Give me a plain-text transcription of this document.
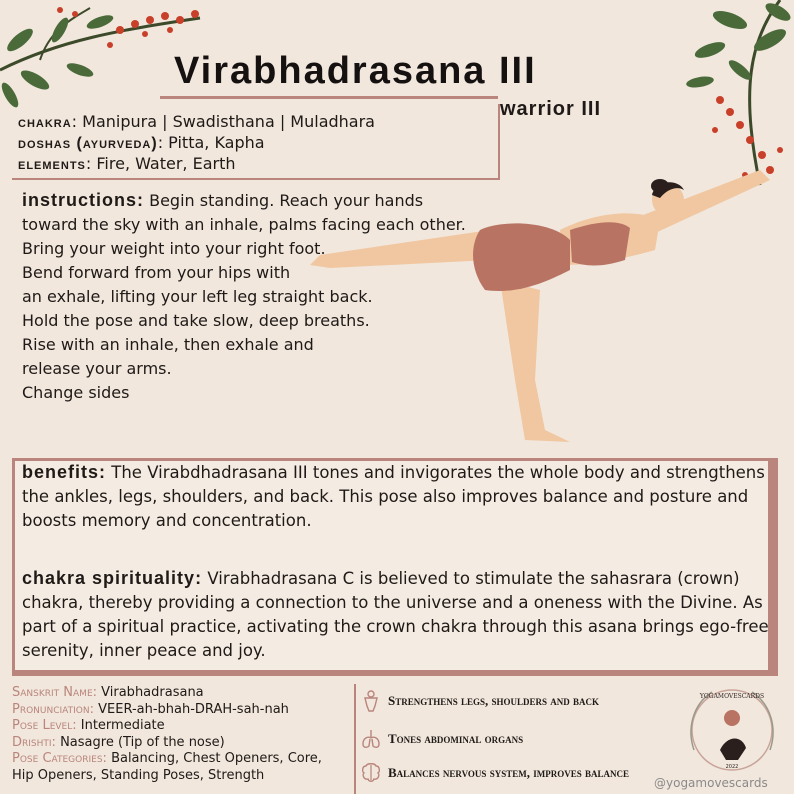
Virabhadrasana III
warrior III
chakra: Manipura | Swadisthana | Muladhara
doshas (ayurveda): Pitta, Kapha
elements: Fire, Water, Earth
instructions: Begin standing. Reach your hands
toward the sky with an inhale, palms facing each other.
Bring your weight into your right foot.
Bend forward from your hips with
an exhale, lifting your left leg straight back.
Hold the pose and take slow, deep breaths.
Rise with an inhale, then exhale and
release your arms.
Change sides
benefits: The Virabdhadrasana III tones and invigorates the whole body and strengthens the ankles, legs, shoulders, and back. This pose also improves balance and posture and boosts memory and concentration.
chakra spirituality: Virabhadrasana C is believed to stimulate the sahasrara (crown) chakra, thereby providing a connection to the universe and a oneness with the Divine. As part of a spiritual practice, activating the crown chakra through this asana brings ego-free serenity, inner peace and joy.
Sanskrit Name: Virabhadrasana
Pronunciation: VEER-ah-bhah-DRAH-sah-nah
Pose Level: Intermediate
Drishti: Nasagre (Tip of the nose)
Pose Categories: Balancing, Chest Openers, Core,
Hip Openers, Standing Poses, Strength
Strengthens legs, shoulders and back
Tones abdominal organs
Balances nervous system, improves balance
YOGAMOVESCARDS
2022
@yogamovescards
